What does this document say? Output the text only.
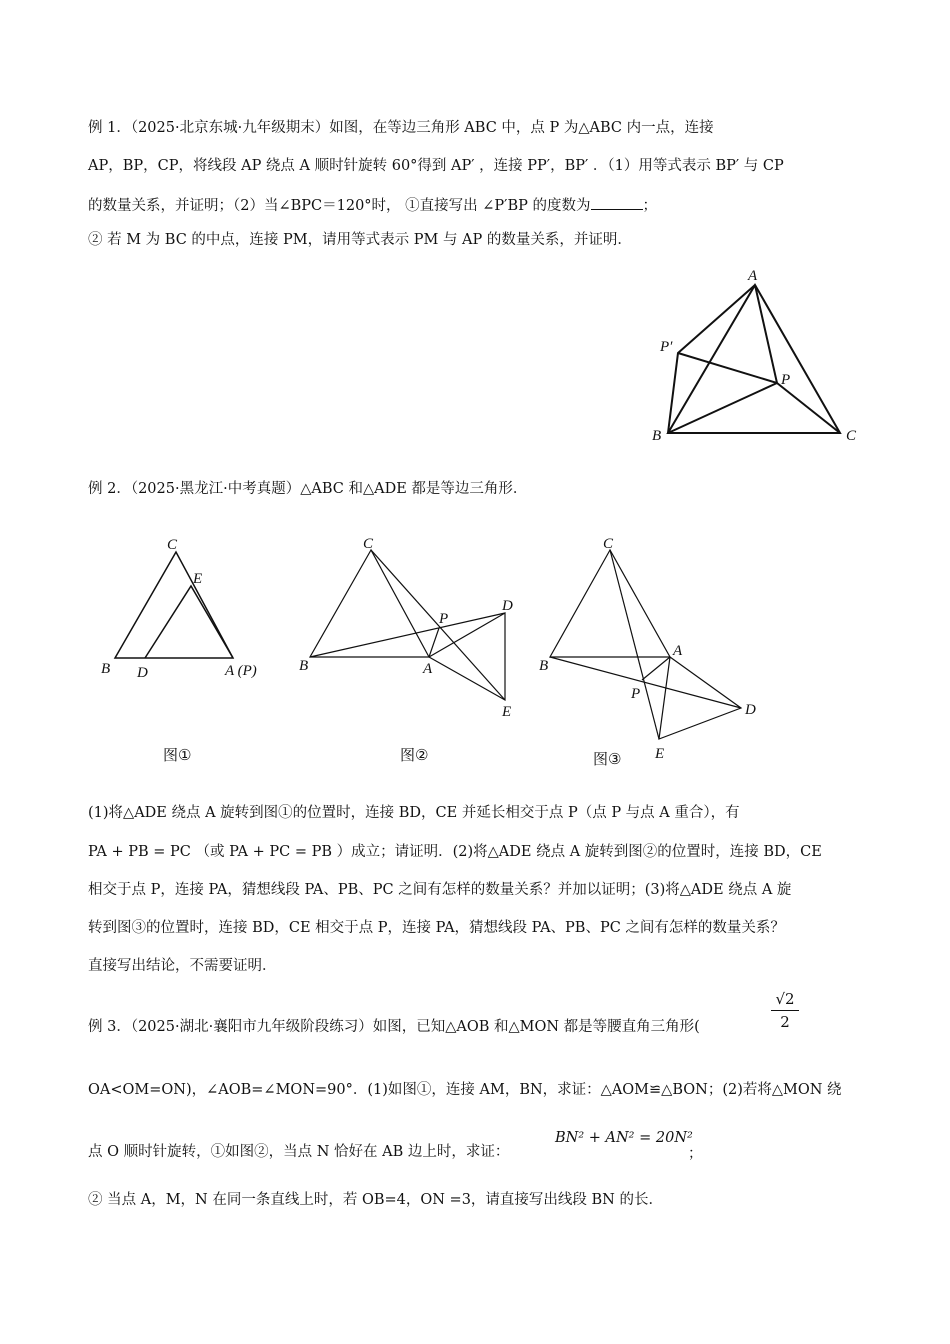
例 1．（2025·北京东城·九年级期末）如图，在等边三角形 ABC 中，点 P 为△ABC 内一点，连接
AP，BP，CP，将线段 AP 绕点 A 顺时针旋转 60°得到 AP′ ，连接 PP′，BP′ ．（1）用等式表示 BP′ 与 CP
的数量关系，并证明；（2）当∠BPC＝120°时， ①直接写出 ∠P′BP 的度数为	；
② 若 M 为 BC 的中点，连接 PM，请用等式表示 PM 与 AP 的数量关系，并证明．
A
P′
P
B	C
例 2．（2025·黑龙江·中考真题）△ABC 和△ADE 都是等边三角形．
C
E
B D	A (P)
图①
C
D
P
B	A
E
图②
C
A
B
P
D
E
图③
(1)将△ADE 绕点 A 旋转到图①的位置时，连接 BD，CE 并延长相交于点 P（点 P 与点 A 重合），有
PA + PB = PC （或 PA + PC = PB ）成立；请证明．(2)将△ADE 绕点 A 旋转到图②的位置时，连接 BD，CE
相交于点 P，连接 PA，猜想线段 PA、PB、PC 之间有怎样的数量关系？并加以证明；(3)将△ADE 绕点 A 旋
转到图③的位置时，连接 BD，CE 相交于点 P，连接 PA，猜想线段 PA、PB、PC 之间有怎样的数量关系？
直接写出结论，不需要证明．
例 3．（2025·湖北·襄阳市九年级阶段练习）如图，已知△AOB 和△MON 都是等腰直角三角形(	$\frac{√2}{2}$
OA<OM=ON)，∠AOB=∠MON=90°．(1)如图①，连接 AM，BN，求证：△AOM≌△BON；(2)若将△MON 绕
点 O 顺时针旋转，①如图②，当点 N 恰好在 AB 边上时，求证：
BN² + AN² = 20N²
；
② 当点 A，M，N 在同一条直线上时，若 OB=4，ON =3，请直接写出线段 BN 的长．
